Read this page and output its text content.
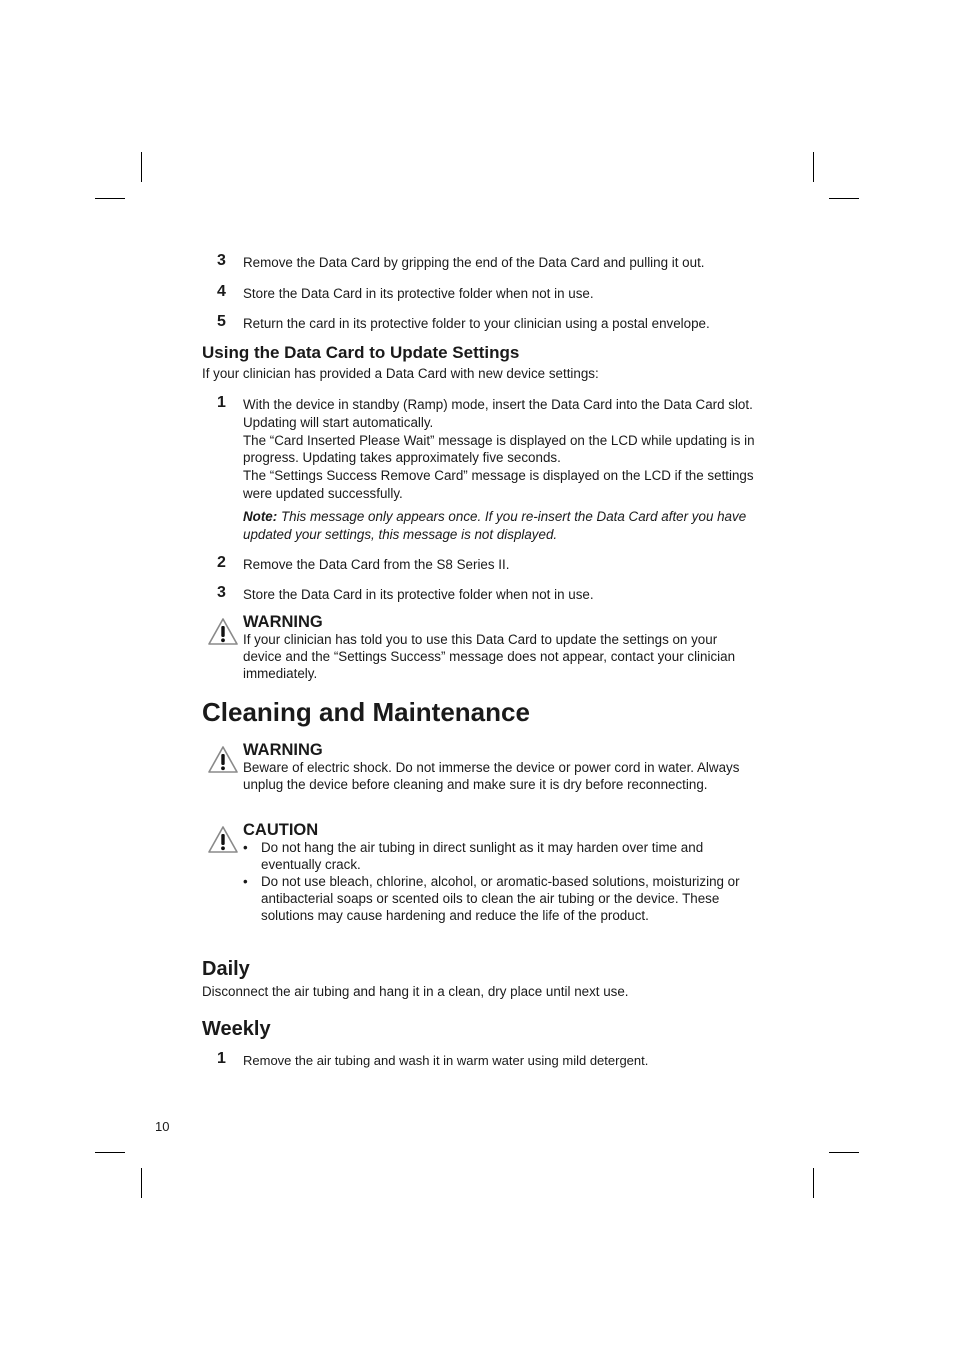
3 Remove the Data Card by gripping the end of the Data Card and pulling it out.
4 Store the Data Card in its protective folder when not in use.
5 Return the card in its protective folder to your clinician using a postal envelope.
Using the Data Card to Update Settings
If your clinician has provided a Data Card with new device settings:
1 With the device in standby (Ramp) mode, insert the Data Card into the Data Card slot. Updating will start automatically.
The “Card Inserted Please Wait” message is displayed on the LCD while updating is in progress. Updating takes approximately five seconds.
The “Settings Success Remove Card” message is displayed on the LCD if the settings were updated successfully.
Note: This message only appears once. If you re-insert the Data Card after you have updated your settings, this message is not displayed.
2 Remove the Data Card from the S8 Series II.
3 Store the Data Card in its protective folder when not in use.
WARNING
If your clinician has told you to use this Data Card to update the settings on your device and the “Settings Success” message does not appear, contact your clinician immediately.
Cleaning and Maintenance
WARNING
Beware of electric shock. Do not immerse the device or power cord in water. Always unplug the device before cleaning and make sure it is dry before reconnecting.
CAUTION
• Do not hang the air tubing in direct sunlight as it may harden over time and eventually crack.
• Do not use bleach, chlorine, alcohol, or aromatic-based solutions, moisturizing or antibacterial soaps or scented oils to clean the air tubing or the device. These solutions may cause hardening and reduce the life of the product.
Daily
Disconnect the air tubing and hang it in a clean, dry place until next use.
Weekly
1 Remove the air tubing and wash it in warm water using mild detergent.
10
